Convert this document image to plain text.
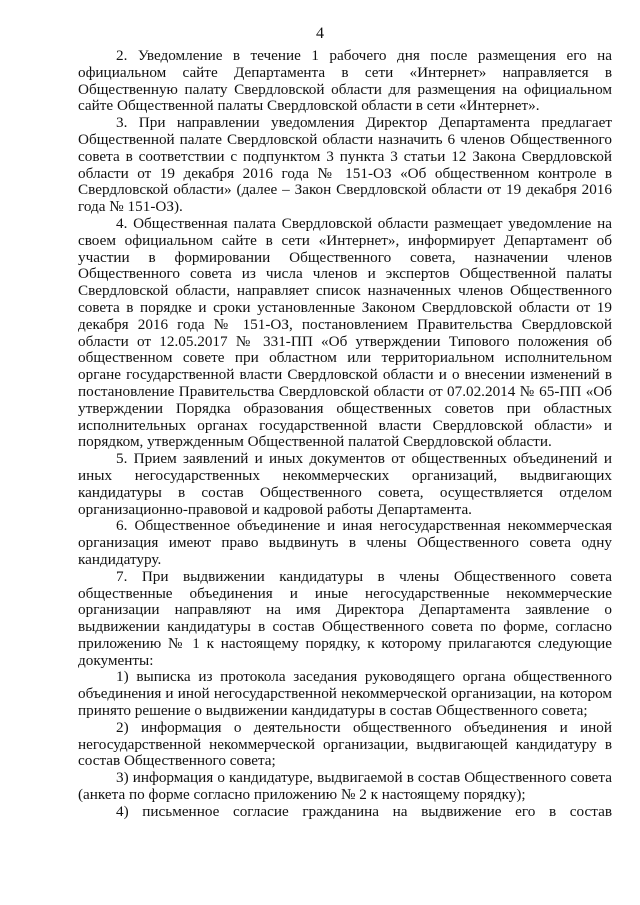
4

2. Уведомление в течение 1 рабочего дня после размещения его на официальном сайте Департамента в сети «Интернет» направляется в Общественную палату Свердловской области для размещения на официальном сайте Общественной палаты Свердловской области в сети «Интернет».

3. При направлении уведомления Директор Департамента предлагает Общественной палате Свердловской области назначить 6 членов Общественного совета в соответствии с подпунктом 3 пункта 3 статьи 12 Закона Свердловской области от 19 декабря 2016 года № 151-ОЗ «Об общественном контроле в Свердловской области» (далее – Закон Свердловской области от 19 декабря 2016 года № 151-ОЗ).

4. Общественная палата Свердловской области размещает уведомление на своем официальном сайте в сети «Интернет», информирует Департамент об участии в формировании Общественного совета, назначении членов Общественного совета из числа членов и экспертов Общественной палаты Свердловской области, направляет список назначенных членов Общественного совета в порядке и сроки установленные Законом Свердловской области от 19 декабря 2016 года № 151-ОЗ, постановлением Правительства Свердловской области от 12.05.2017 № 331-ПП «Об утверждении Типового положения об общественном совете при областном или территориальном исполнительном органе государственной власти Свердловской области и о внесении изменений в постановление Правительства Свердловской области от 07.02.2014 № 65-ПП «Об утверждении Порядка образования общественных советов при областных исполнительных органах государственной власти Свердловской области» и порядком, утвержденным Общественной палатой Свердловской области.

5. Прием заявлений и иных документов от общественных объединений и иных негосударственных некоммерческих организаций, выдвигающих кандидатуры в состав Общественного совета, осуществляется отделом организационно-правовой и кадровой работы Департамента.

6. Общественное объединение и иная негосударственная некоммерческая организация имеют право выдвинуть в члены Общественного совета одну кандидатуру.

7. При выдвижении кандидатуры в члены Общественного совета общественные объединения и иные негосударственные некоммерческие организации направляют на имя Директора Департамента заявление о выдвижении кандидатуры в состав Общественного совета по форме, согласно приложению № 1 к настоящему порядку, к которому прилагаются следующие документы:

1) выписка из протокола заседания руководящего органа общественного объединения и иной негосударственной некоммерческой организации, на котором принято решение о выдвижении кандидатуры в состав Общественного совета;

2) информация о деятельности общественного объединения и иной негосударственной некоммерческой организации, выдвигающей кандидатуру в состав Общественного совета;

3) информация о кандидатуре, выдвигаемой в состав Общественного совета (анкета по форме согласно приложению № 2 к настоящему порядку);

4) письменное согласие гражданина на выдвижение его в состав
